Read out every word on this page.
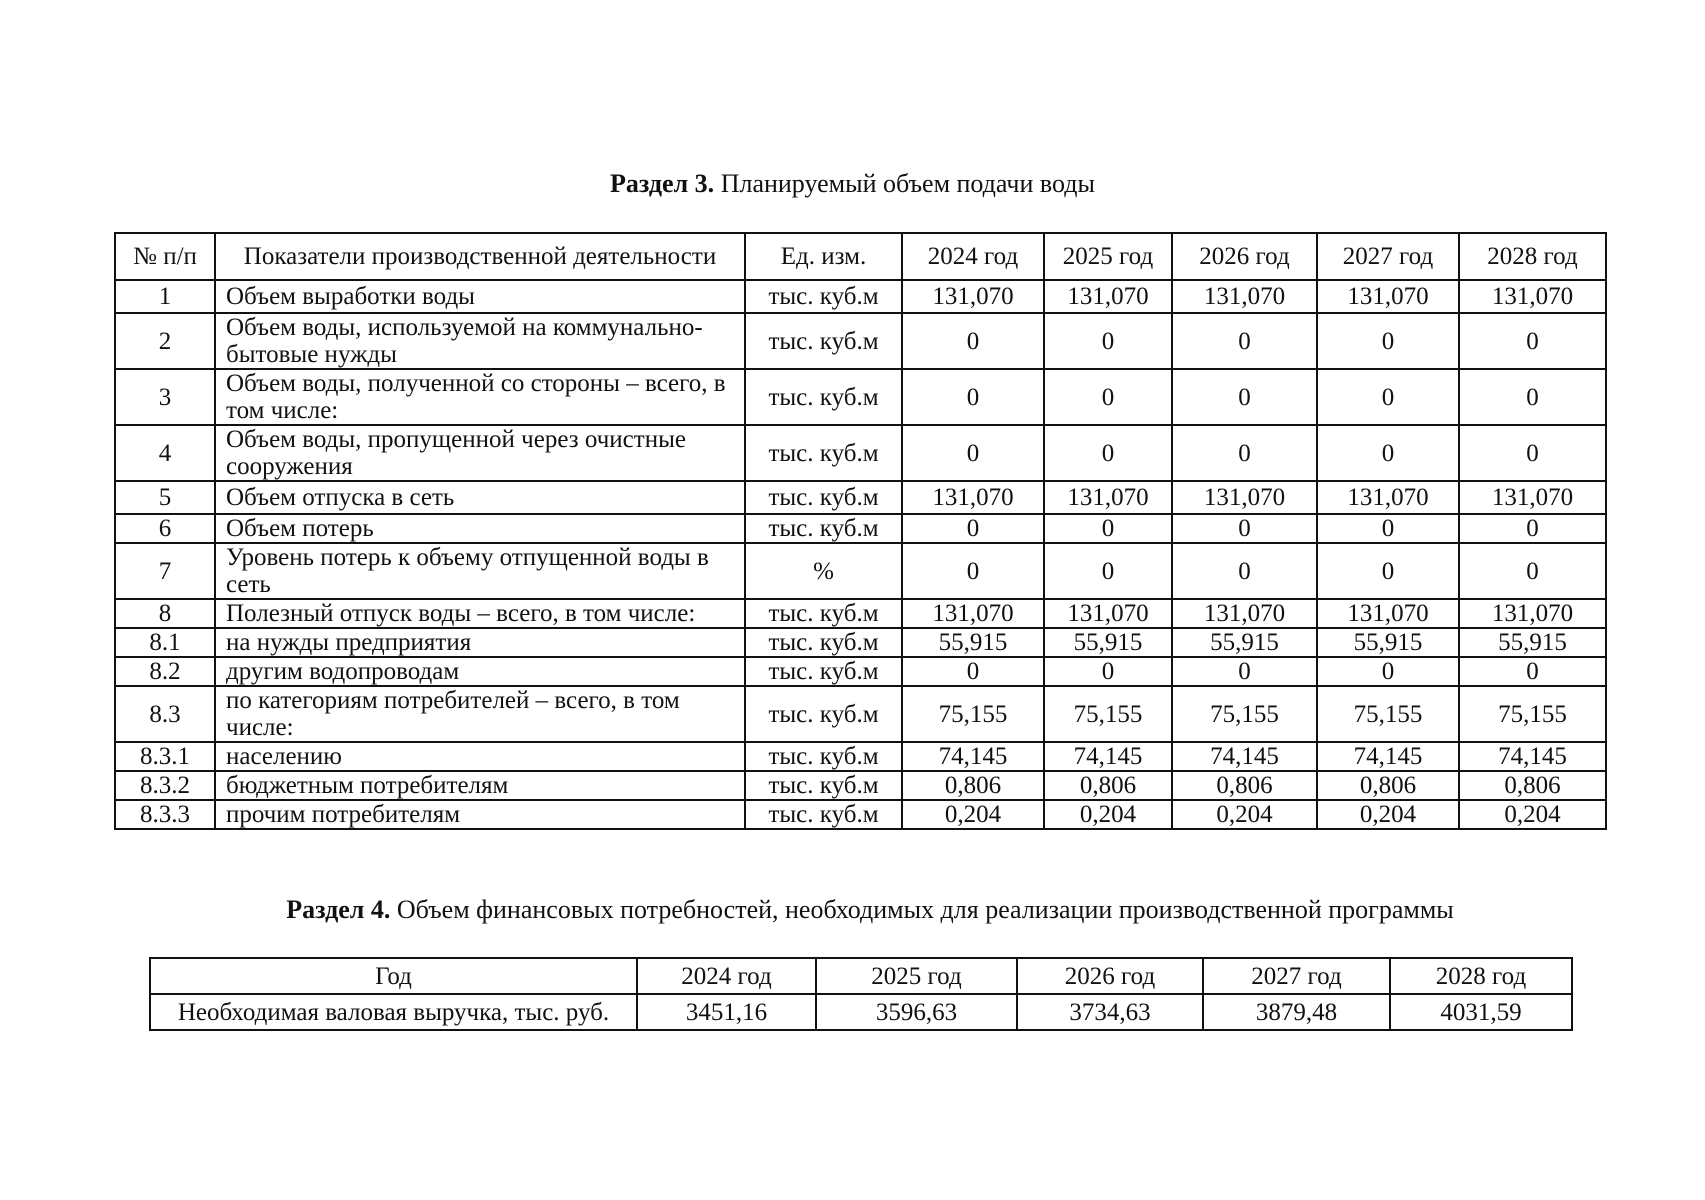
Раздел 3. Планируемый объем подачи воды
№ п/п	Показатели производственной деятельности	Ед. изм.	2024 год	2025 год	2026 год	2027 год	2028 год
1	Объем выработки воды	тыс. куб.м	131,070	131,070	131,070	131,070	131,070
2	Объем воды, используемой на коммунально-бытовые нужды	тыс. куб.м	0	0	0	0	0
3	Объем воды, полученной со стороны – всего, в том числе:	тыс. куб.м	0	0	0	0	0
4	Объем воды, пропущенной через очистные сооружения	тыс. куб.м	0	0	0	0	0
5	Объем отпуска в сеть	тыс. куб.м	131,070	131,070	131,070	131,070	131,070
6	Объем потерь	тыс. куб.м	0	0	0	0	0
7	Уровень потерь к объему отпущенной воды в сеть	%	0	0	0	0	0
8	Полезный отпуск воды – всего, в том числе:	тыс. куб.м	131,070	131,070	131,070	131,070	131,070
8.1	на нужды предприятия	тыс. куб.м	55,915	55,915	55,915	55,915	55,915
8.2	другим водопроводам	тыс. куб.м	0	0	0	0	0
8.3	по категориям потребителей – всего, в том числе:	тыс. куб.м	75,155	75,155	75,155	75,155	75,155
8.3.1	населению	тыс. куб.м	74,145	74,145	74,145	74,145	74,145
8.3.2	бюджетным потребителям	тыс. куб.м	0,806	0,806	0,806	0,806	0,806
8.3.3	прочим потребителям	тыс. куб.м	0,204	0,204	0,204	0,204	0,204
Раздел 4. Объем финансовых потребностей, необходимых для реализации производственной программы
Год	2024 год	2025 год	2026 год	2027 год	2028 год
Необходимая валовая выручка, тыс. руб.	3451,16	3596,63	3734,63	3879,48	4031,59
